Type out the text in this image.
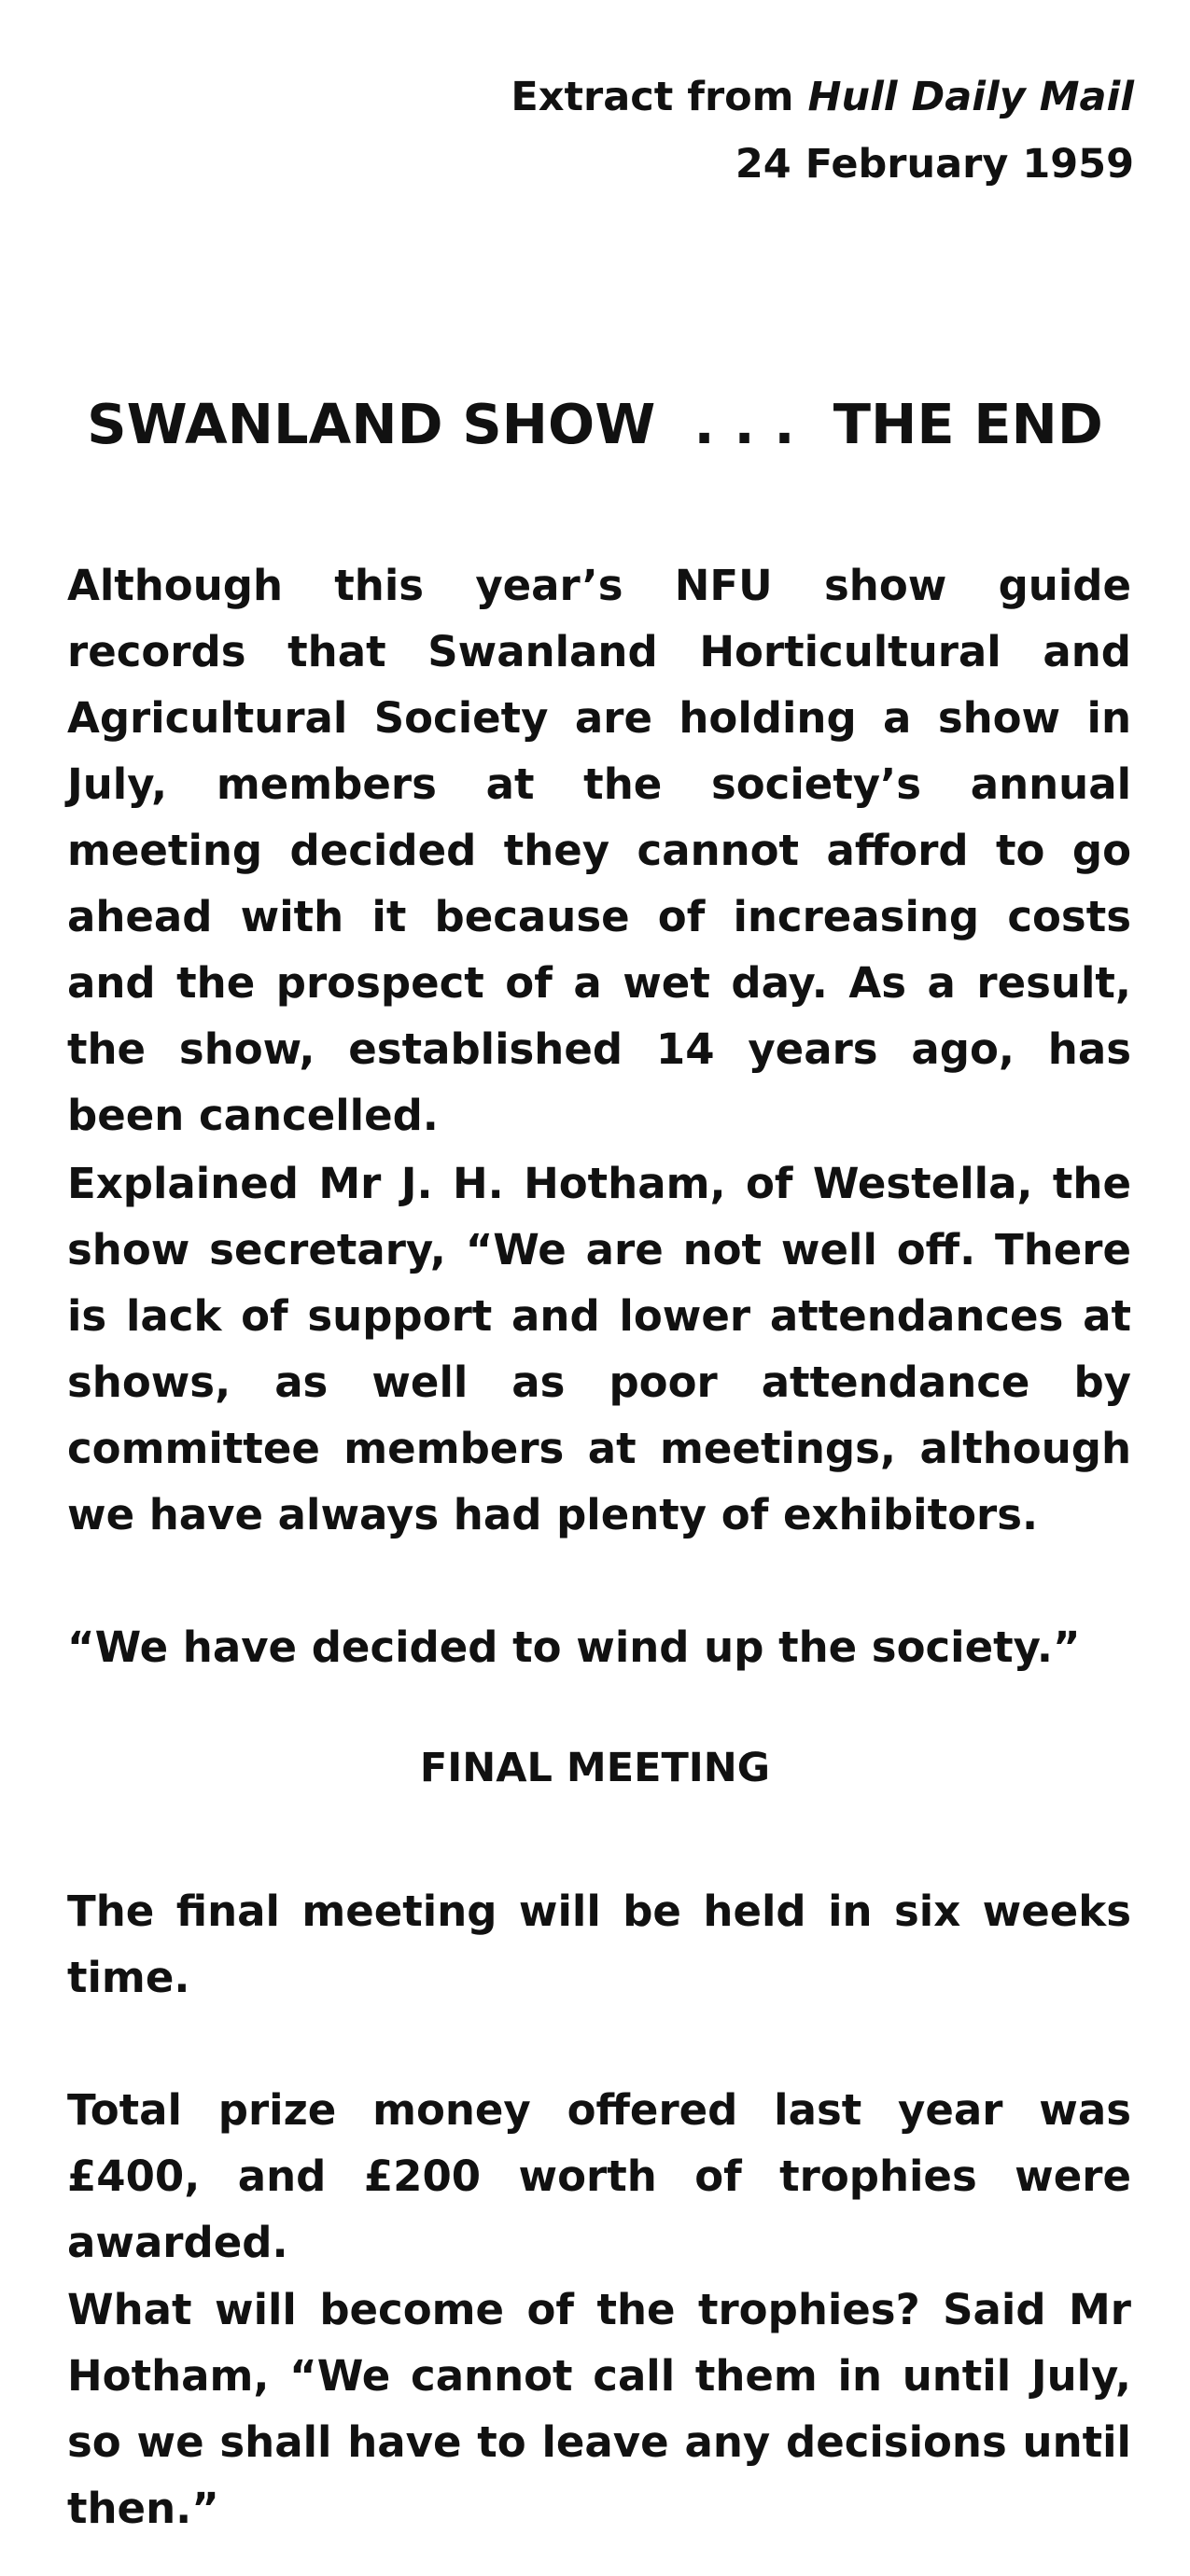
Extract from Hull Daily Mail
24 February 1959
SWANLAND SHOW  . . .  THE END

Although this year’s NFU show guide records that Swanland Horticultural and Agricultural Society are holding a show in July, members at the society’s annual meeting decided they cannot afford to go ahead with it because of increasing costs and the prospect of a wet day. As a result, the show, established 14 years ago, has been cancelled.

Explained Mr J. H. Hotham, of Westella, the show secretary, “We are not well off. There is lack of support and lower attendances at shows, as well as poor attendance by committee members at meetings, although we have always had plenty of exhibitors.

“We have decided to wind up the society.”

FINAL MEETING

The final meeting will be held in six weeks time.

Total prize money offered last year was £400, and £200 worth of trophies were awarded.

What will become of the trophies? Said Mr Hotham, “We cannot call them in until July, so we shall have to leave any decisions until then.”
